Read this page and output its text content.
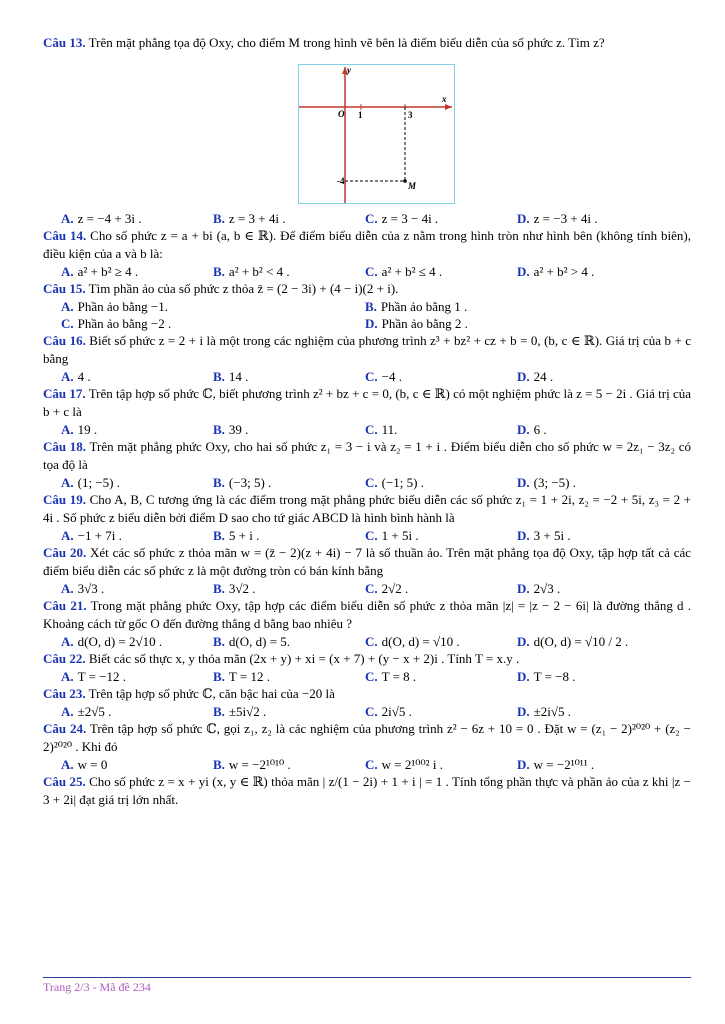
Câu 13. Trên mặt phẳng tọa độ Oxy, cho điểm M trong hình vẽ bên là điểm biểu diễn của số phức z. Tìm z?

y
x
O 1	3
-4	M
A. z = −4 + 3i .	B. z = 3 + 4i .	C. z = 3 − 4i .	D. z = −3 + 4i .

Câu 14. Cho số phức z = a + bi (a, b ∈ ℝ). Để điểm biểu diễn của z nằm trong hình tròn như hình bên (không tính biên), điều kiện của a và b là:

A. a² + b² ≥ 4 .	B. a² + b² < 4 .	C. a² + b² ≤ 4 .	D. a² + b² > 4 .

Câu 15. Tìm phần ảo của số phức z thỏa z̄ = (2 − 3i) + (4 − i)(2 + i).

A. Phần ảo bằng −1.	B. Phần ảo bằng 1 .
C. Phần ảo bằng −2 .	D. Phần ảo bằng 2 .

Câu 16. Biết số phức z = 2 + i là một trong các nghiệm của phương trình z³ + bz² + cz + b = 0, (b, c ∈ ℝ). Giá trị của b + c bằng

A. 4 .	B. 14 .	C. −4 .	D. 24 .

Câu 17. Trên tập hợp số phức ℂ, biết phương trình z² + bz + c = 0, (b, c ∈ ℝ) có một nghiệm phức là z = 5 − 2i . Giá trị của b + c là

A. 19 .	B. 39 .	C. 11.	D. 6 .

Câu 18. Trên mặt phẳng phức Oxy, cho hai số phức z₁ = 3 − i và z₂ = 1 + i . Điểm biểu diễn cho số phức w = 2z₁ − 3z₂ có tọa độ là

A. (1; −5) .	B. (−3; 5) .	C. (−1; 5) .	D. (3; −5) .

Câu 19. Cho A, B, C tương ứng là các điểm trong mặt phẳng phức biểu diễn các số phức z₁ = 1 + 2i, z₂ = −2 + 5i, z₃ = 2 + 4i . Số phức z biểu diễn bởi điểm D sao cho tứ giác ABCD là hình bình hành là

A. −1 + 7i .	B. 5 + i .	C. 1 + 5i .	D. 3 + 5i .

Câu 20. Xét các số phức z thỏa mãn w = (z̄ − 2)(z + 4i) − 7 là số thuần ảo. Trên mặt phẳng tọa độ Oxy, tập hợp tất cả các điểm biểu diễn các số phức z là một đường tròn có bán kính bằng

A. 3√3 .	B. 3√2 .	C. 2√2 .	D. 2√3 .

Câu 21. Trong mặt phẳng phức Oxy, tập hợp các điểm biểu diễn số phức z thỏa mãn |z| = |z − 2 − 6i| là đường thẳng d . Khoảng cách từ gốc O đến đường thẳng d bằng bao nhiêu ?

A. d(O, d) = 2√10 .	B. d(O, d) = 5.	C. d(O, d) = √10 .	D. d(O, d) = √10 / 2 .

Câu 22. Biết các số thực x, y thỏa mãn (2x + y) + xi = (x + 7) + (y − x + 2)i . Tính T = x.y .

A. T = −12 .	B. T = 12 .	C. T = 8 .	D. T = −8 .

Câu 23. Trên tập hợp số phức ℂ, căn bậc hai của −20 là

A. ±2√5 .	B. ±5i√2 .	C. 2i√5 .	D. ±2i√5 .

Câu 24. Trên tập hợp số phức ℂ, gọi z₁, z₂ là các nghiệm của phương trình z² − 6z + 10 = 0 . Đặt w = (z₁ − 2)²⁰²⁰ + (z₂ − 2)²⁰²⁰ . Khi đó

A. w = 0	B. w = −2¹⁰¹⁰ .	C. w = 2¹⁰⁰² i .	D. w = −2¹⁰¹¹ .

Câu 25. Cho số phức z = x + yi (x, y ∈ ℝ) thỏa mãn | z/(1 − 2i) + 1 + i | = 1 . Tính tổng phần thực và phần ảo của z khi |z − 3 + 2i| đạt giá trị lớn nhất.

Trang 2/3 - Mã đề 234
